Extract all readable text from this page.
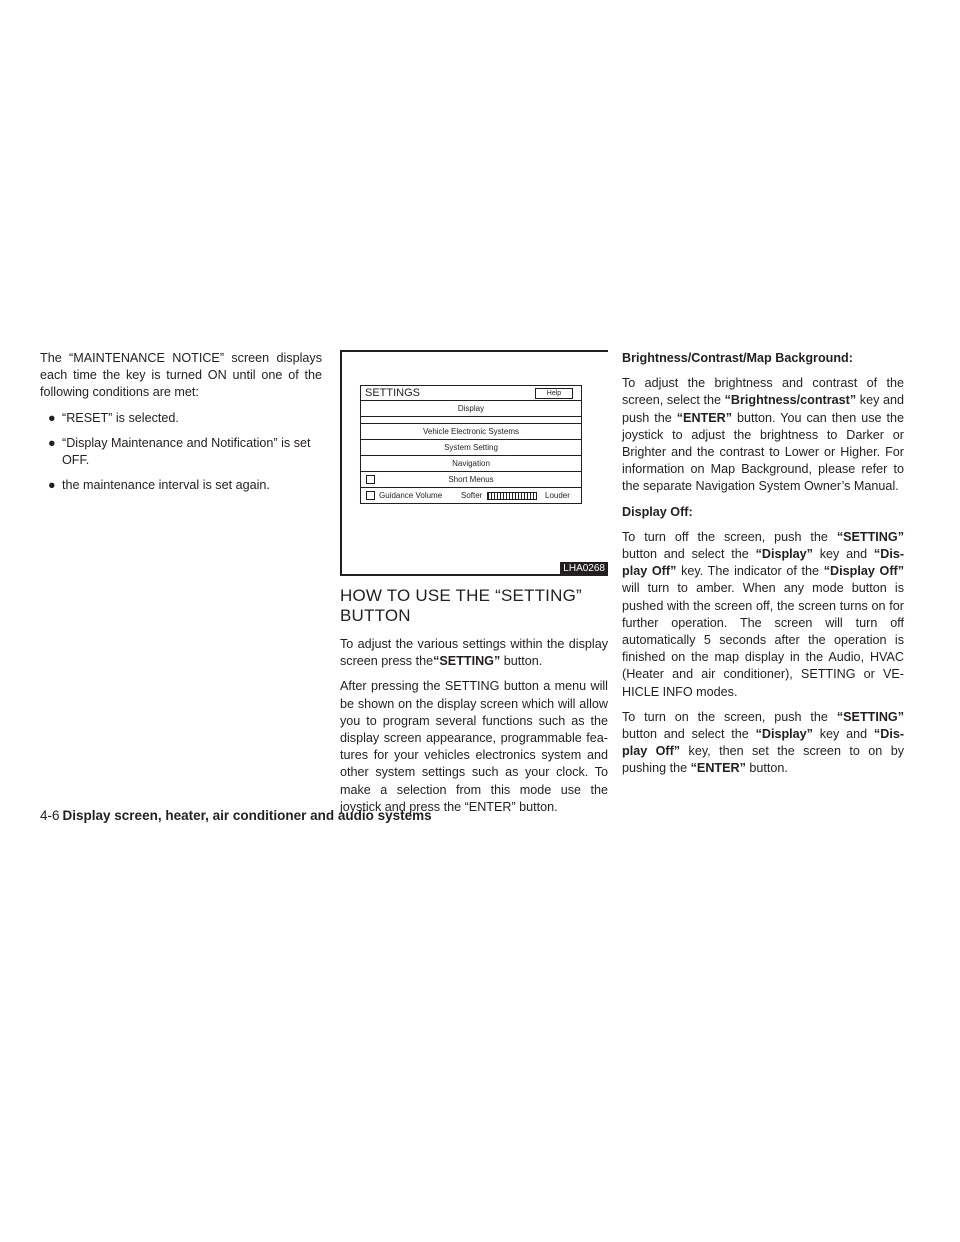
The “MAINTENANCE NOTICE” screen displays each time the key is turned ON until one of the following conditions are met:

● “RESET” is selected.
● “Display Maintenance and Notification” is set OFF.
● the maintenance interval is set again.
SETTINGS	Help
Display
Vehicle Electronic Systems
System Setting
Navigation
Short Menus
Guidance Volume Softer	Louder
LHA0268
HOW TO USE THE “SETTING” BUTTON

To adjust the various settings within the display screen press the“SETTING” button.

After pressing the SETTING button a menu will be shown on the display screen which will allow you to program several functions such as the display screen appearance, programmable fea-tures for your vehicles electronics system and other system settings such as your clock. To make a selection from this mode use the joystick and press the “ENTER” button.

Brightness/Contrast/Map Background:

To adjust the brightness and contrast of the screen, select the “Brightness/contrast” key and push the “ENTER” button. You can then use the joystick to adjust the brightness to Darker or Brighter and the contrast to Lower or Higher. For information on Map Background, please refer to the separate Navigation System Owner’s Manual.

Display Off:

To turn off the screen, push the “SETTING” button and select the “Display” key and “Dis-play Off” key. The indicator of the “Display Off” will turn to amber. When any mode button is pushed with the screen off, the screen turns on for further operation. The screen will turn off automatically 5 seconds after the operation is finished on the map display in the Audio, HVAC (Heater and air conditioner), SETTING or VE-HICLE INFO modes.

To turn on the screen, push the “SETTING” button and select the “Display” key and “Dis-play Off” key, then set the screen to on by pushing the “ENTER” button.

4-6 Display screen, heater, air conditioner and audio systems
